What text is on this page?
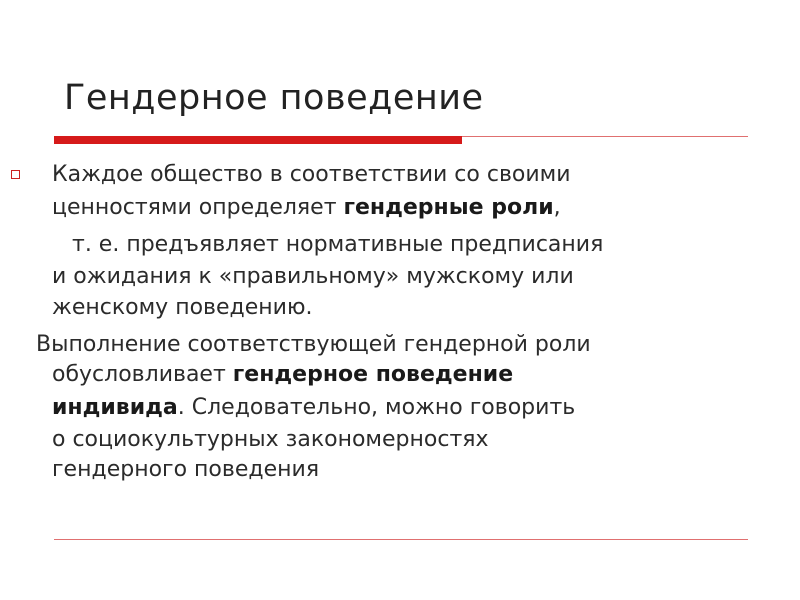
Гендерное поведение
Каждое общество в соответствии со своими
ценностями определяет гендерные роли,
т. е. предъявляет нормативные предписания
и ожидания к «правильному» мужскому или
женскому поведению.
Выполнение соответствующей гендерной роли
обусловливает гендерное поведение
индивида. Следовательно, можно говорить
о социокультурных закономерностях
гендерного поведения
